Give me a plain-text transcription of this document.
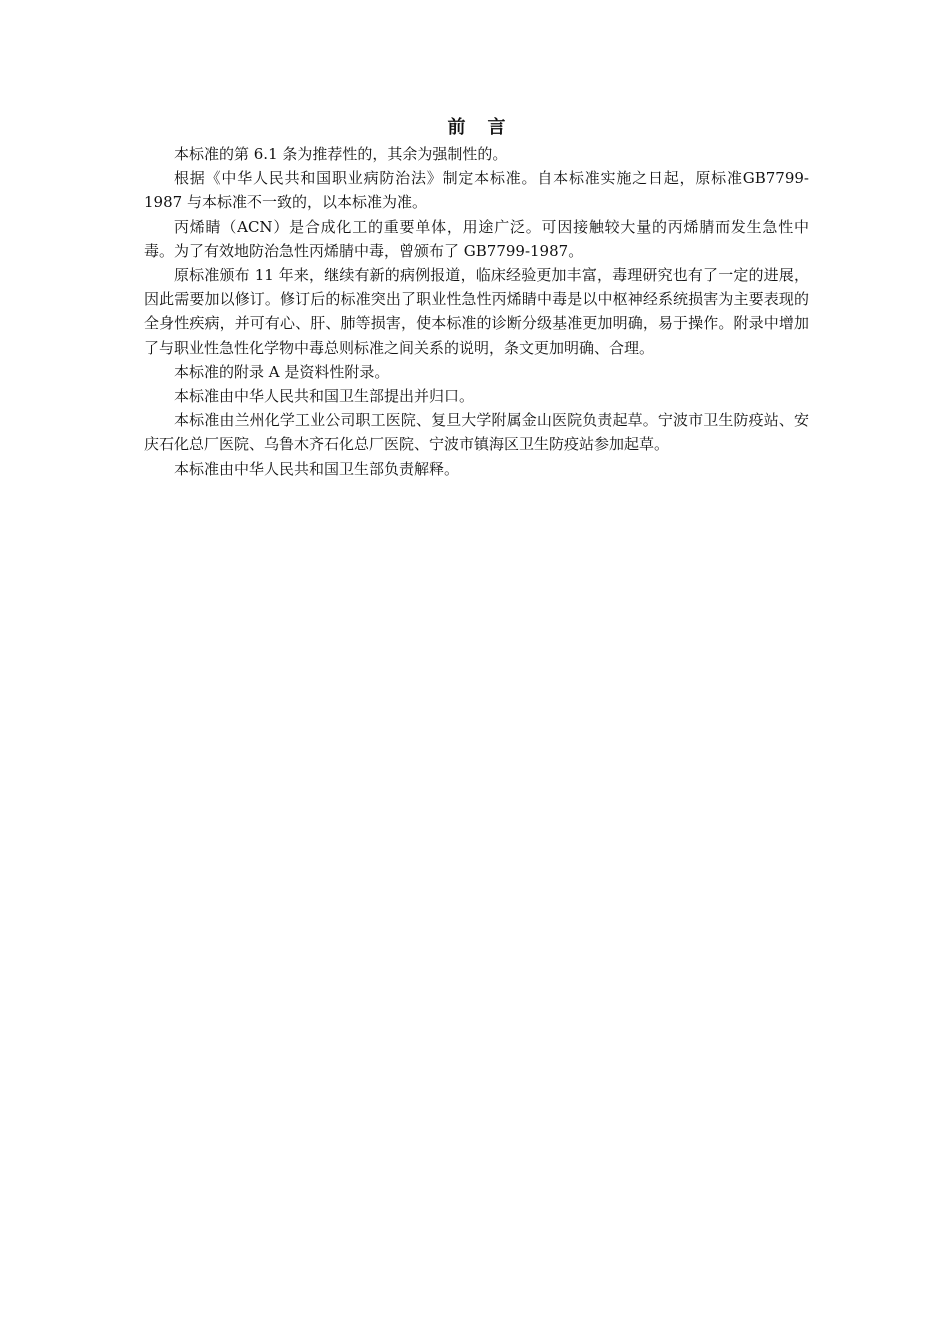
前 言

本标准的第 6.1 条为推荐性的，其余为强制性的。

根据《中华人民共和国职业病防治法》制定本标准。自本标准实施之日起，原标准GB7799-1987 与本标准不一致的，以本标准为准。

丙烯睛（ACN）是合成化工的重要单体，用途广泛。可因接触较大量的丙烯腈而发生急性中毒。为了有效地防治急性丙烯腈中毒，曾颁布了 GB7799-1987。

原标准颁布 11 年来，继续有新的病例报道，临床经验更加丰富，毒理研究也有了一定的进展，因此需要加以修订。修订后的标准突出了职业性急性丙烯睛中毒是以中枢神经系统损害为主要表现的全身性疾病，并可有心、肝、肺等损害，使本标准的诊断分级基准更加明确，易于操作。附录中增加了与职业性急性化学物中毒总则标准之间关系的说明，条文更加明确、合理。

本标准的附录 A 是资料性附录。

本标准由中华人民共和国卫生部提出并归口。

本标准由兰州化学工业公司职工医院、复旦大学附属金山医院负责起草。宁波市卫生防疫站、安庆石化总厂医院、乌鲁木齐石化总厂医院、宁波市镇海区卫生防疫站参加起草。

本标准由中华人民共和国卫生部负责解释。
